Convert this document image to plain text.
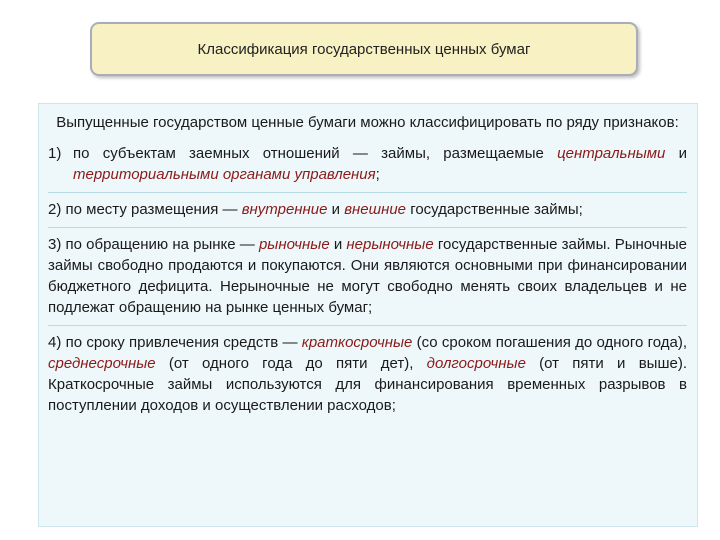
Классификация государственных ценных бумаг

Выпущенные государством ценные бумаги можно классифицировать по ряду признаков:

1) по субъектам заемных отношений — займы, размещаемые центральными и территориальными органами управления;

2) по месту размещения — внутренние и внешние государственные займы;

3) по обращению на рынке — рыночные и нерыночные государственные займы. Рыночные займы свободно продаются и покупаются. Они являются основными при финансировании бюджетного дефицита. Нерыночные не могут свободно менять своих владельцев и не подлежат обращению на рынке ценных бумаг;

4) по сроку привлечения средств — краткосрочные (со сроком погашения до одного года), среднесрочные (от одного года до пяти дет), долгосрочные (от пяти и выше). Краткосрочные займы используются для финансирования временных разрывов в поступлении доходов и осуществлении расходов;
